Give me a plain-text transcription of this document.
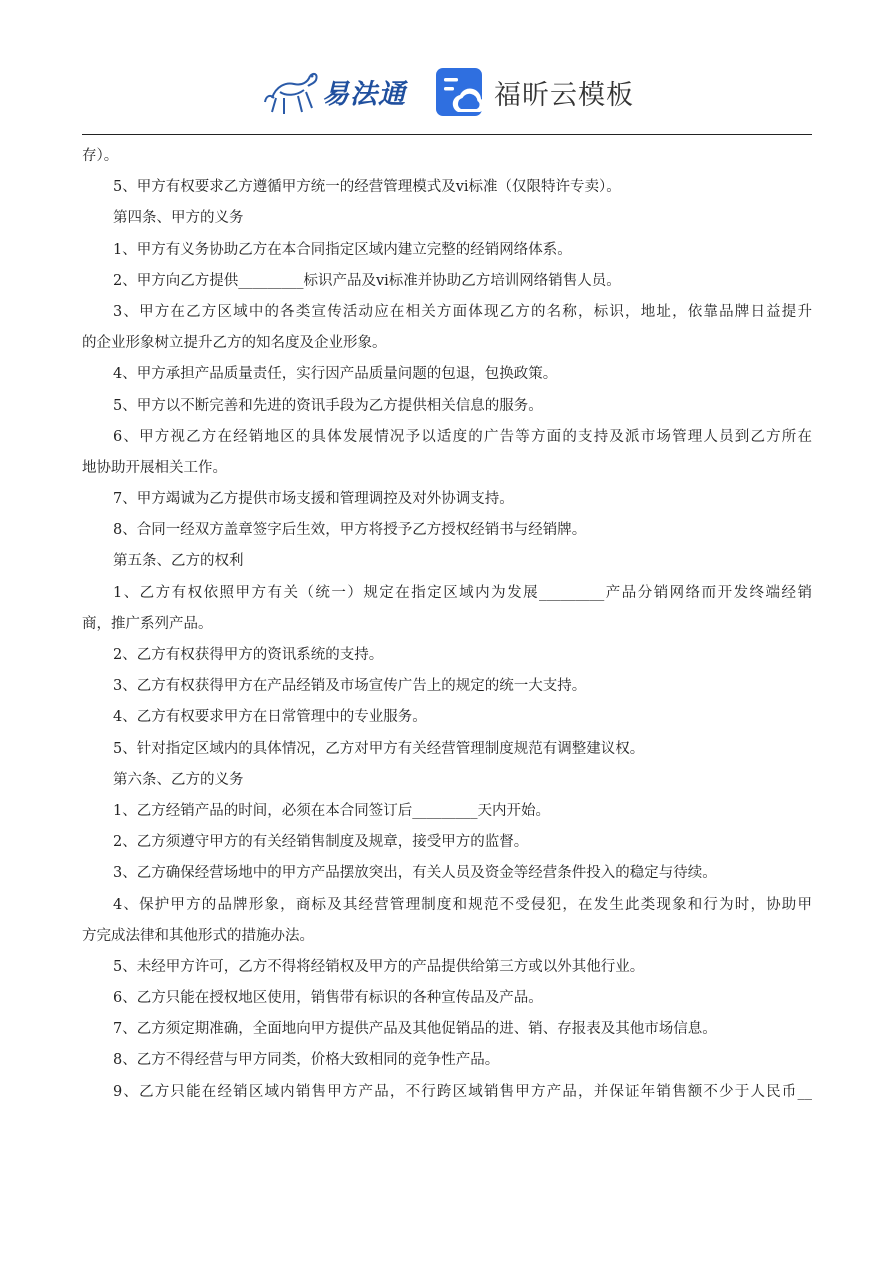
易法通	福昕云模板
存）。
5、甲方有权要求乙方遵循甲方统一的经营管理模式及vi标准（仅限特许专卖）。
第四条、甲方的义务
1、甲方有义务协助乙方在本合同指定区域内建立完整的经销网络体系。
2、甲方向乙方提供_________标识产品及vi标准并协助乙方培训网络销售人员。
3、甲方在乙方区域中的各类宣传活动应在相关方面体现乙方的名称，标识，地址，依靠品牌日益提升
的企业形象树立提升乙方的知名度及企业形象。
4、甲方承担产品质量责任，实行因产品质量问题的包退，包换政策。
5、甲方以不断完善和先进的资讯手段为乙方提供相关信息的服务。
6、甲方视乙方在经销地区的具体发展情况予以适度的广告等方面的支持及派市场管理人员到乙方所在
地协助开展相关工作。
7、甲方竭诚为乙方提供市场支援和管理调控及对外协调支持。
8、合同一经双方盖章签字后生效，甲方将授予乙方授权经销书与经销牌。
第五条、乙方的权利
1、乙方有权依照甲方有关（统一）规定在指定区域内为发展_________产品分销网络而开发终端经销
商，推广系列产品。
2、乙方有权获得甲方的资讯系统的支持。
3、乙方有权获得甲方在产品经销及市场宣传广告上的规定的统一大支持。
4、乙方有权要求甲方在日常管理中的专业服务。
5、针对指定区域内的具体情况，乙方对甲方有关经营管理制度规范有调整建议权。
第六条、乙方的义务
1、乙方经销产品的时间，必须在本合同签订后_________天内开始。
2、乙方须遵守甲方的有关经销售制度及规章，接受甲方的监督。
3、乙方确保经营场地中的甲方产品摆放突出，有关人员及资金等经营条件投入的稳定与待续。
4、保护甲方的品牌形象，商标及其经营管理制度和规范不受侵犯，在发生此类现象和行为时，协助甲
方完成法律和其他形式的措施办法。
5、未经甲方许可，乙方不得将经销权及甲方的产品提供给第三方或以外其他行业。
6、乙方只能在授权地区使用，销售带有标识的各种宣传品及产品。
7、乙方须定期准确，全面地向甲方提供产品及其他促销品的进、销、存报表及其他市场信息。
8、乙方不得经营与甲方同类，价格大致相同的竞争性产品。
9、乙方只能在经销区域内销售甲方产品，不行跨区域销售甲方产品，并保证年销售额不少于人民币__
